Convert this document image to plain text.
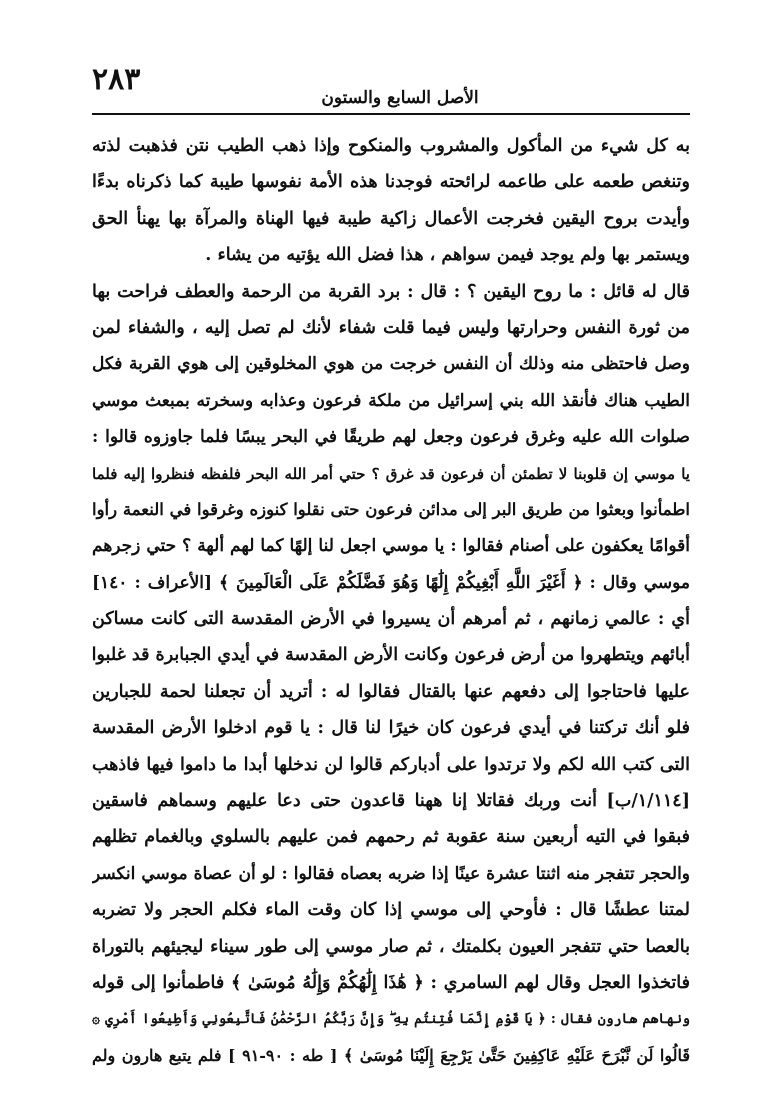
٢٨٣
الأصل السابع والستون
به كل شيء من المأكول والمشروب والمنكوح وإذا ذهب الطيب نتن فذهبت لذته
وتنغص طعمه على طاعمه لرائحته فوجدنا هذه الأمة نفوسها طيبة كما ذكرناه بدءًا
وأيدت بروح اليقين فخرجت الأعمال زاكية طيبة فيها الهناة والمرآة بها يهنأ الحق
ويستمر بها ولم يوجد فيمن سواهم ، هذا فضل الله يؤتيه من يشاء .
قال له قائل : ما روح اليقين ؟ : قال : برد القربة من الرحمة والعطف فراحت بها
من ثورة النفس وحرارتها وليس فيما قلت شفاء لأنك لم تصل إليه ، والشفاء لمن
وصل فاحتظى منه وذلك أن النفس خرجت من هوي المخلوقين إلى هوي القربة فكل
الطيب هناك فأنقذ الله بني إسرائيل من ملكة فرعون وعذابه وسخرته بمبعث موسي
صلوات الله عليه وغرق فرعون وجعل لهم طريقًا في البحر يبسًا فلما جاوزوه قالوا :
يا موسي إن قلوبنا لا تطمئن أن فرعون قد غرق ؟ حتي أمر الله البحر فلفظه فنظروا إليه فلما
اطمأنوا وبعثوا من طريق البر إلى مدائن فرعون حتى نقلوا كنوزه وغرقوا في النعمة رأوا
أقوامًا يعكفون على أصنام فقالوا : يا موسي اجعل لنا إلهًا كما لهم ألهة ؟ حتي زجرهم
موسي وقال : ﴿ أَغَيْرَ اللَّهِ أَبْغِيكُمْ إِلَٰهًا وَهُوَ فَضَّلَكُمْ عَلَى الْعَالَمِينَ ﴾ [الأعراف : ١٤٠]
أي : عالمي زمانهم ، ثم أمرهم أن يسيروا في الأرض المقدسة التى كانت مساكن
أبائهم ويتطهروا من أرض فرعون وكانت الأرض المقدسة في أيدي الجبابرة قد غلبوا
عليها فاحتاجوا إلى دفعهم عنها بالقتال فقالوا له : أتريد أن تجعلنا لحمة للجبارين
فلو أنك تركتنا في أيدي فرعون كان خيرًا لنا قال : يا قوم ادخلوا الأرض المقدسة
التى كتب الله لكم ولا ترتدوا على أدباركم قالوا لن ندخلها أبدا ما داموا فيها فاذهب
[١/١١٤/ب] أنت وربك فقاتلا إنا ههنا قاعدون حتى دعا عليهم وسماهم فاسقين
فبقوا في التيه أربعين سنة عقوبة ثم رحمهم فمن عليهم بالسلوي وبالغمام تظلهم
والحجر تتفجر منه اثنتا عشرة عينًا إذا ضربه بعصاه فقالوا : لو أن عصاة موسي انكسر
لمتنا عطشًا قال : فأوحي إلى موسي إذا كان وقت الماء فكلم الحجر ولا تضربه
بالعصا حتي تتفجر العيون بكلمتك ، ثم صار موسي إلى طور سيناء ليجيئهم بالتوراة
فاتخذوا العجل وقال لهم السامري : ﴿ هَٰذَا إِلَٰهُكُمْ وَإِلَٰهُ مُوسَىٰ ﴾ فاطمأنوا إلى قوله
ونهاهم هارون فقال : ﴿ يَا قَوْمِ إِنَّمَا فُتِنتُم بِهِ ۖ وَإِنَّ رَبَّكُمُ الرَّحْمَٰنُ فَاتَّبِعُونِي وَأَطِيعُوا أَمْرِي ۞
قَالُوا لَن نَّبْرَحَ عَلَيْهِ عَاكِفِينَ حَتَّىٰ يَرْجِعَ إِلَيْنَا مُوسَىٰ ﴾ [ طه : ٩٠-٩١ ] فلم يتبع هارون ولم
